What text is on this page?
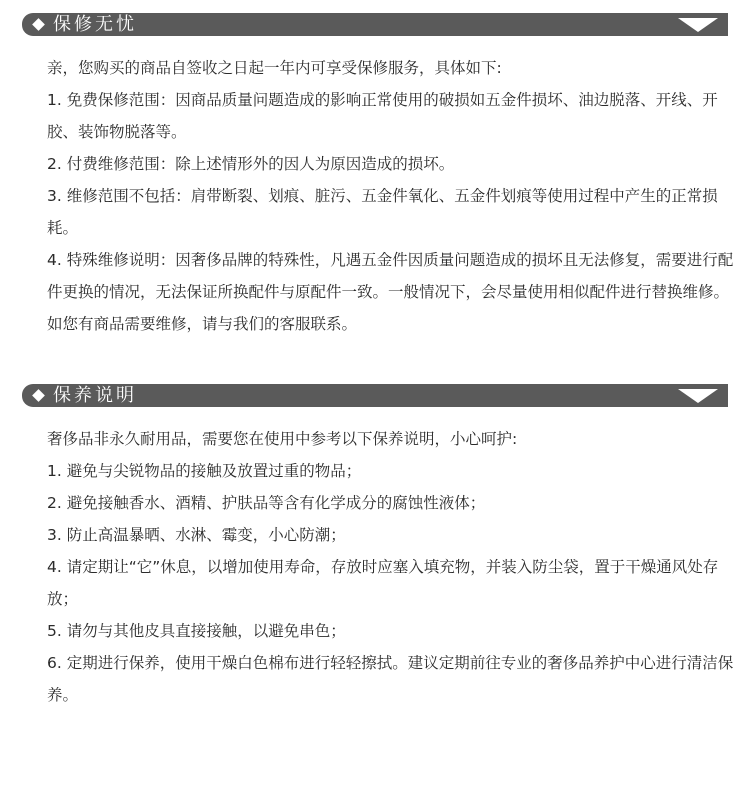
保修无忧

亲，您购买的商品自签收之日起一年内可享受保修服务，具体如下:

1. 免费保修范围：因商品质量问题造成的影响正常使用的破损如五金件损坏、油边脱落、开线、开胶、装饰物脱落等。

2. 付费维修范围：除上述情形外的因人为原因造成的损坏。

3. 维修范围不包括：肩带断裂、划痕、脏污、五金件氧化、五金件划痕等使用过程中产生的正常损耗。

4. 特殊维修说明：因奢侈品牌的特殊性，凡遇五金件因质量问题造成的损坏且无法修复，需要进行配件更换的情况，无法保证所换配件与原配件一致。一般情况下，会尽量使用相似配件进行替换维修。

如您有商品需要维修，请与我们的客服联系。

保养说明

奢侈品非永久耐用品，需要您在使用中参考以下保养说明，小心呵护:

1. 避免与尖锐物品的接触及放置过重的物品；

2. 避免接触香水、酒精、护肤品等含有化学成分的腐蚀性液体；

3. 防止高温暴晒、水淋、霉变，小心防潮；

4. 请定期让“它”休息，以增加使用寿命，存放时应塞入填充物，并装入防尘袋，置于干燥通风处存放；

5. 请勿与其他皮具直接接触，以避免串色；

6. 定期进行保养，使用干燥白色棉布进行轻轻擦拭。建议定期前往专业的奢侈品养护中心进行清洁保养。
